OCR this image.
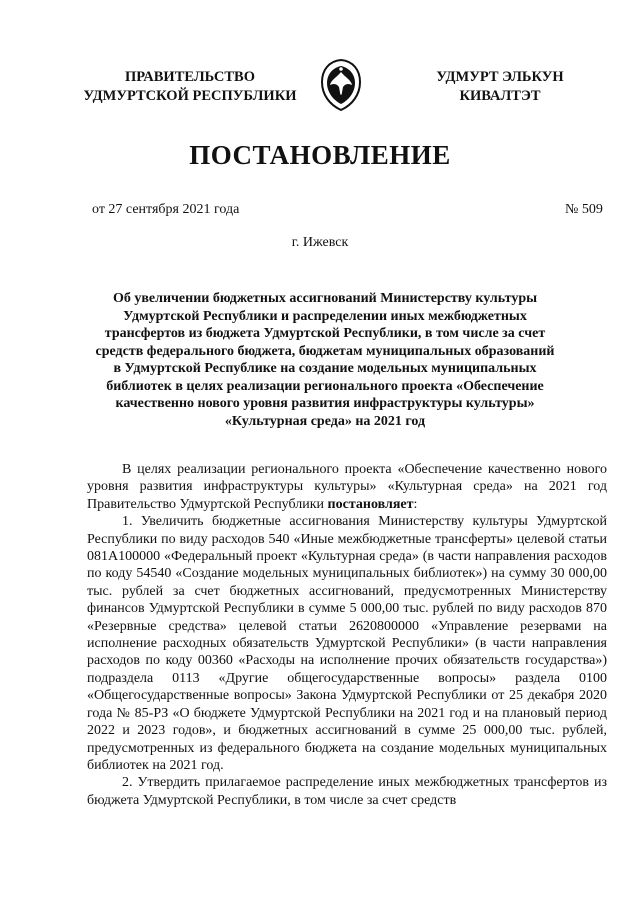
ПРАВИТЕЛЬСТВО
УДМУРТСКОЙ РЕСПУБЛИКИ
УДМУРТ ЭЛЬКУН
КИВАЛТЭТ
ПОСТАНОВЛЕНИЕ
от 27 сентября 2021 года	№ 509
г. Ижевск
Об увеличении бюджетных ассигнований Министерству культуры Удмуртской Республики и распределении иных межбюджетных трансфертов из бюджета Удмуртской Республики, в том числе за счет средств федерального бюджета, бюджетам муниципальных образований в Удмуртской Республике на создание модельных муниципальных библиотек в целях реализации регионального проекта «Обеспечение качественно нового уровня развития инфраструктуры культуры» «Культурная среда» на 2021 год

В целях реализации регионального проекта «Обеспечение качественно нового уровня развития инфраструктуры культуры» «Культурная среда» на 2021 год Правительство Удмуртской Республики постановляет:

1. Увеличить бюджетные ассигнования Министерству культуры Удмуртской Республики по виду расходов 540 «Иные межбюджетные трансферты» целевой статьи 081А100000 «Федеральный проект «Культурная среда» (в части направления расходов по коду 54540 «Создание модельных муниципальных библиотек») на сумму 30 000,00 тыс. рублей за счет бюджетных ассигнований, предусмотренных Министерству финансов Удмуртской Республики в сумме 5 000,00 тыс. рублей по виду расходов 870 «Резервные средства» целевой статьи 2620800000 «Управление резервами на исполнение расходных обязательств Удмуртской Республики» (в части направления расходов по коду 00360 «Расходы на исполнение прочих обязательств государства») подраздела 0113 «Другие общегосударственные вопросы» раздела 0100 «Общегосударственные вопросы» Закона Удмуртской Республики от 25 декабря 2020 года № 85-РЗ «О бюджете Удмуртской Республики на 2021 год и на плановый период 2022 и 2023 годов», и бюджетных ассигнований в сумме 25 000,00 тыс. рублей, предусмотренных из федерального бюджета на создание модельных муниципальных библиотек на 2021 год.

2. Утвердить прилагаемое распределение иных межбюджетных трансфертов из бюджета Удмуртской Республики, в том числе за счет средств
